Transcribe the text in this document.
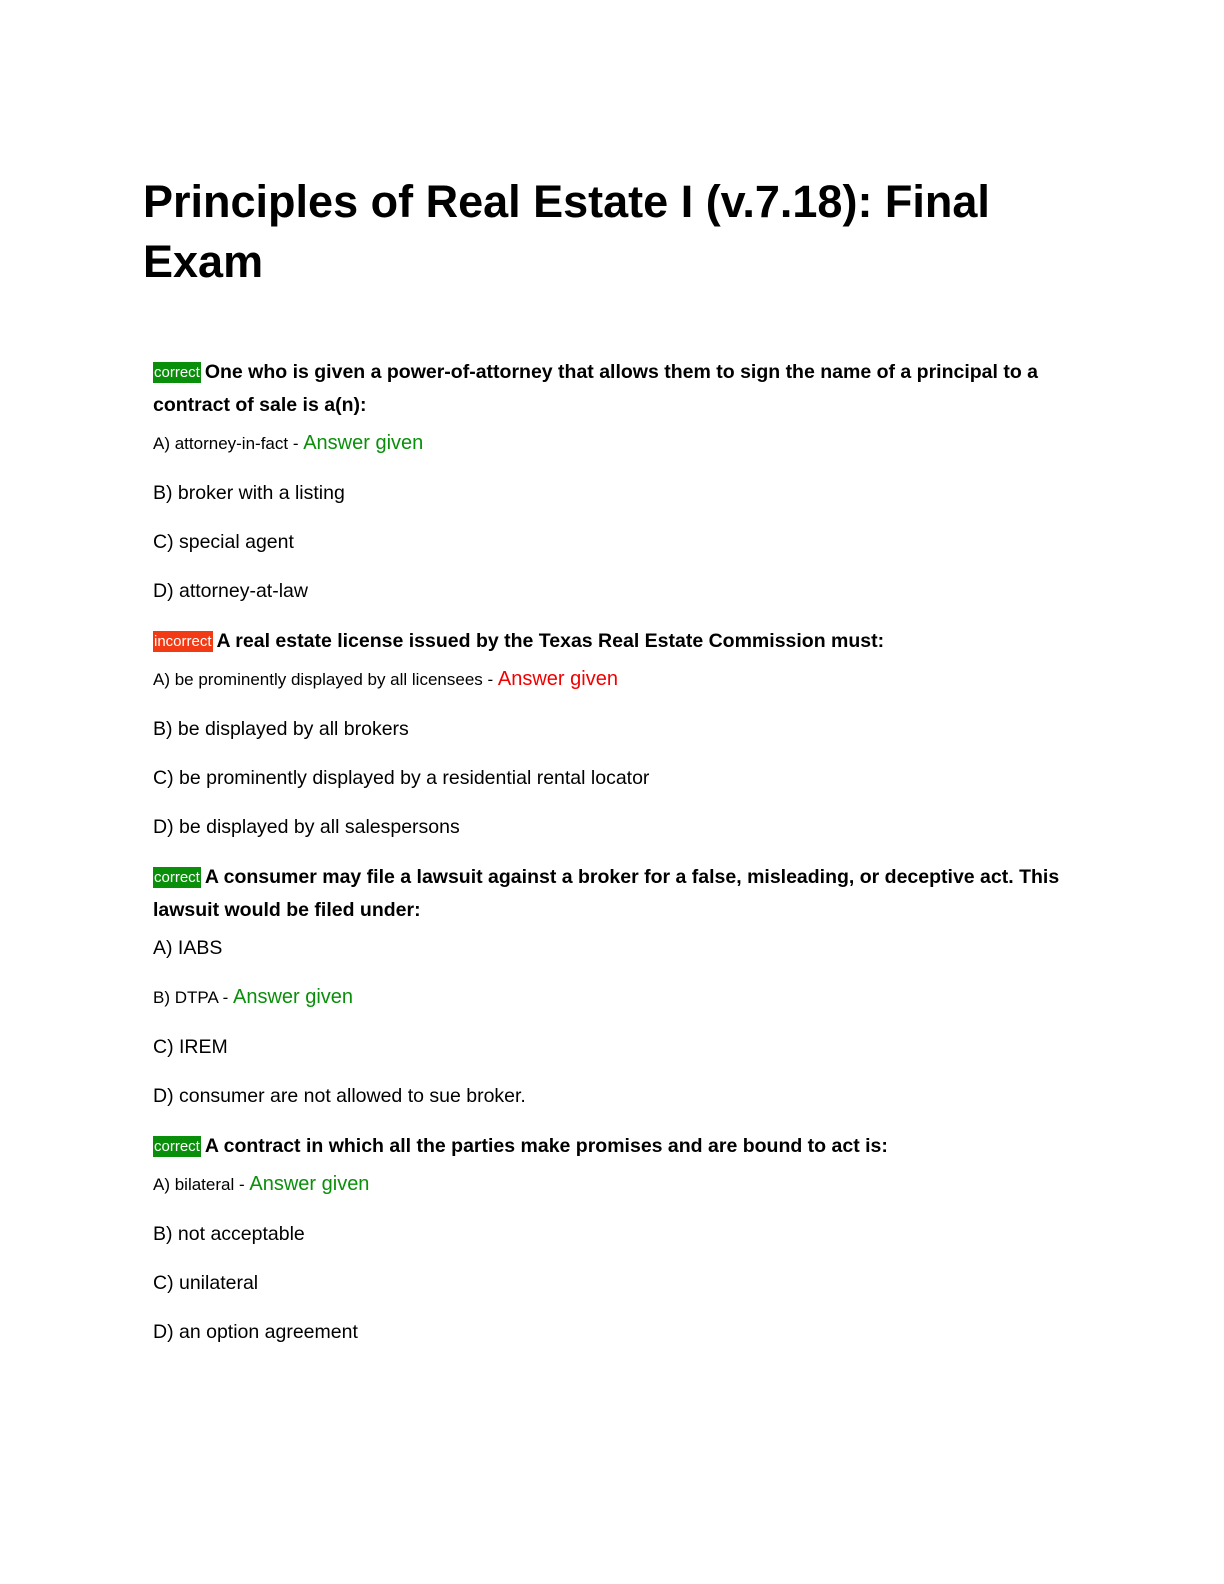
Principles of Real Estate I (v.7.18): Final Exam

correct One who is given a power-of-attorney that allows them to sign the name of a principal to a contract of sale is a(n):

A) attorney-in-fact - Answer given

B) broker with a listing

C) special agent

D) attorney-at-law

incorrect A real estate license issued by the Texas Real Estate Commission must:

A) be prominently displayed by all licensees - Answer given

B) be displayed by all brokers

C) be prominently displayed by a residential rental locator

D) be displayed by all salespersons

correct A consumer may file a lawsuit against a broker for a false, misleading, or deceptive act. This lawsuit would be filed under:

A) IABS

B) DTPA - Answer given

C) IREM

D) consumer are not allowed to sue broker.

correct A contract in which all the parties make promises and are bound to act is:

A) bilateral - Answer given

B) not acceptable

C) unilateral

D) an option agreement
